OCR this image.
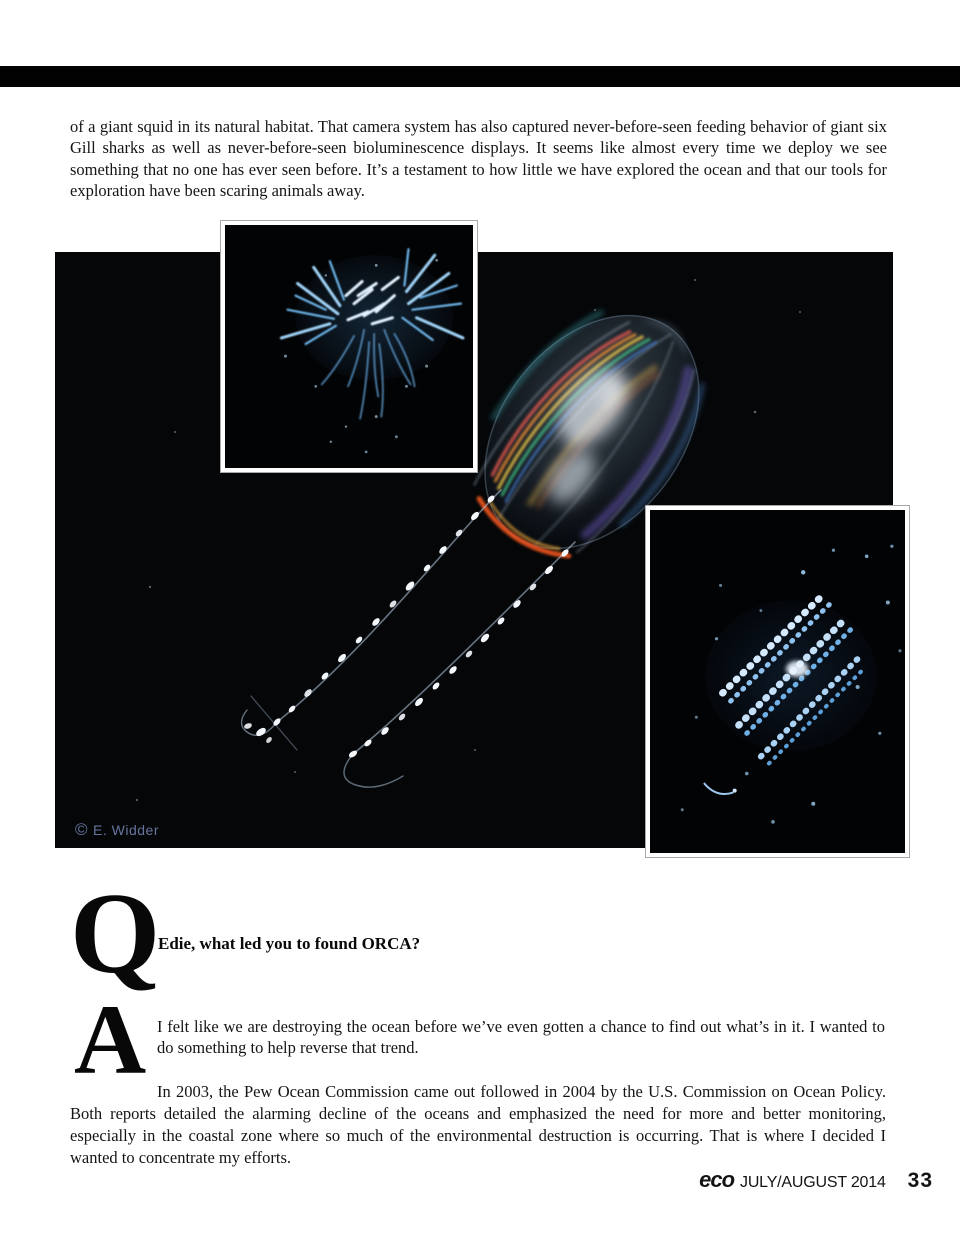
of a giant squid in its natural habitat. That camera system has also captured never-before-seen feeding behavior of giant six Gill sharks as well as never-before-seen bioluminescence displays. It seems like almost every time we deploy we see something that no one has ever seen before. It’s a testament to how little we have explored the ocean and that our tools for exploration have been scaring animals away.

© E. Widder
Q
Edie, what led you to found ORCA?
A I felt like we are destroying the ocean before we’ve even gotten a chance to find out what’s in it. I wanted to do something to help reverse that trend.

In 2003, the Pew Ocean Commission came out followed in 2004 by the U.S. Commission on Ocean Policy. Both reports detailed the alarming decline of the oceans and emphasized the need for more and better monitoring, especially in the coastal zone where so much of the environmental destruction is occurring. That is where I decided I wanted to concentrate my efforts.

eco JULY/AUGUST 2014 33
